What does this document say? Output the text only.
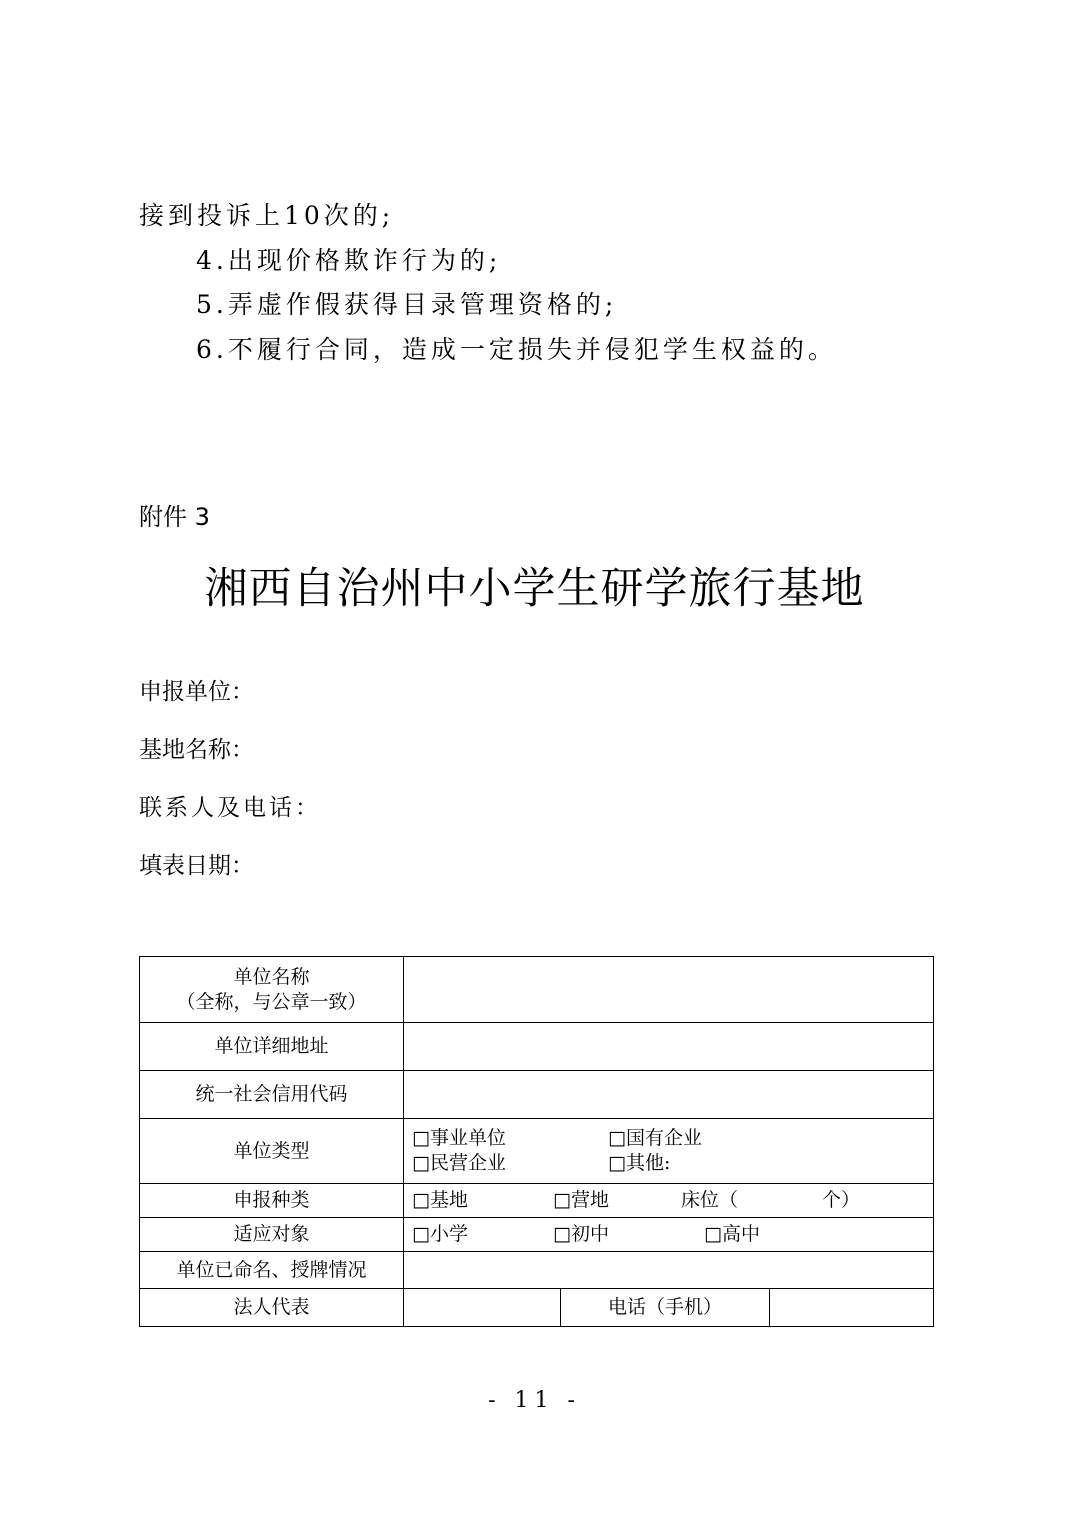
接到投诉上10次的;
4.出现价格欺诈行为的;
5.弄虚作假获得目录管理资格的;
6.不履行合同，造成一定损失并侵犯学生权益的。
附件 3
湘西自治州中小学生研学旅行基地
申报单位：
基地名称：
联系人及电话：
填表日期：
单位名称
（全称，与公章一致）			

单位详细地址			
统一社会信用代码			
单位类型	□事业单位 □国有企业
□民营企业 □其他:		

申报种类	□基地 □营地 床位（ 个）		
适应对象	□小学 □初中 □高中		
单位已命名、授牌情况			
法人代表		电话（手机）	
- 11 -
